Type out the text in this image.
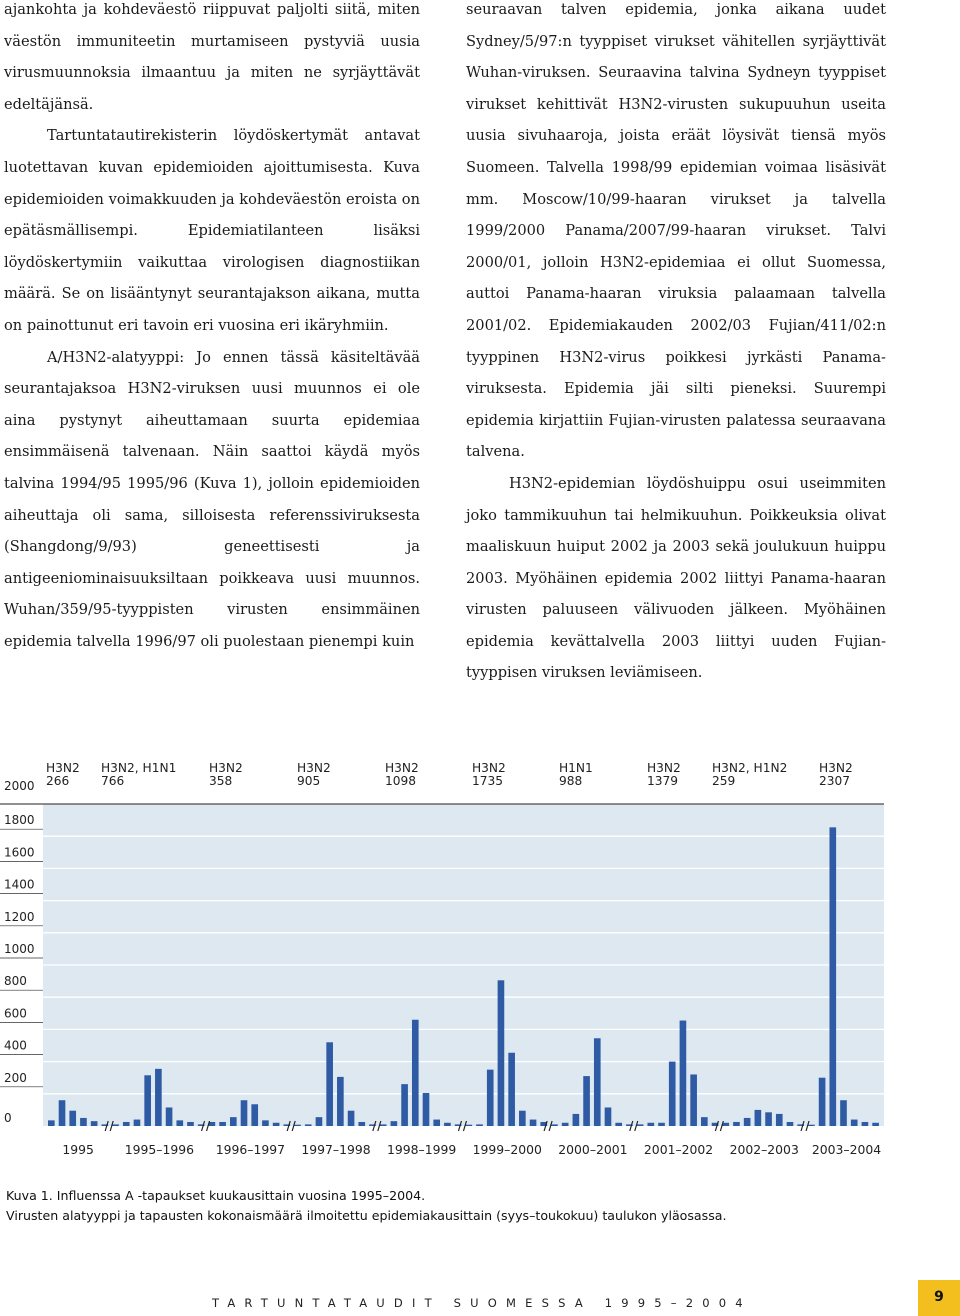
ajankohta ja kohdeväestö riippuvat paljolti siitä, miten väestön immuniteetin murtamiseen pystyviä uusia virusmuunnoksia ilmaantuu ja miten ne syrjäyttävät edeltäjänsä.

Tartuntatautirekisterin löydöskertymät antavat luotettavan kuvan epidemioiden ajoittumisesta. Kuva epidemioiden voimakkuuden ja kohdeväestön eroista on epätäsmällisempi. Epidemiatilanteen lisäksi löydöskertymiin vaikuttaa virologisen diagnostiikan määrä. Se on lisääntynyt seurantajakson aikana, mutta on painottunut eri tavoin eri vuosina eri ikäryhmiin.

A/H3N2-alatyyppi: Jo ennen tässä käsiteltävää seurantajaksoa H3N2-viruksen uusi muunnos ei ole aina pystynyt aiheuttamaan suurta epidemiaa ensimmäisenä talvenaan. Näin saattoi käydä myös talvina 1994/95 1995/96 (Kuva 1), jolloin epidemioiden aiheuttaja oli sama, silloisesta referenssiviruksesta (Shangdong/9/93) geneettisesti ja antigeeniominaisuuksiltaan poikkeava uusi muunnos. Wuhan/359/95-tyyppisten virusten ensimmäinen epidemia talvella 1996/97 oli puolestaan pienempi kuin

seuraavan talven epidemia, jonka aikana uudet Sydney/5/97:n tyyppiset virukset vähitellen syrjäyttivät Wuhan-viruksen. Seuraavina talvina Sydneyn tyyppiset virukset kehittivät H3N2-virusten sukupuuhun useita uusia sivuhaaroja, joista eräät löysivät tiensä myös Suomeen. Talvella 1998/99 epidemian voimaa lisäsivät mm. Moscow/10/99-haaran virukset ja talvella 1999/2000 Panama/2007/99-haaran virukset. Talvi 2000/01, jolloin H3N2-epidemiaa ei ollut Suomessa, auttoi Panama-haaran viruksia palaamaan talvella 2001/02. Epidemiakauden 2002/03 Fujian/411/02:n tyyppinen H3N2-virus poikkesi jyrkästi Panama-viruksesta. Epidemia jäi silti pieneksi. Suurempi epidemia kirjattiin Fujian-virusten palatessa seuraavana talvena.

H3N2-epidemian löydöshuippu osui useimmiten joko tammikuuhun tai helmikuuhun. Poikkeuksia olivat maaliskuun huiput 2002 ja 2003 sekä joulukuun huippu 2003. Myöhäinen epidemia 2002 liittyi Panama-haaran virusten paluuseen välivuoden jälkeen. Myöhäinen epidemia kevättalvella 2003 liittyi uuden Fujian-tyyppisen viruksen leviämiseen.

2000
1800
1600
1400
1200
1000
800
600
400
200
0
H3N2
266
H3N2, H1N1
766
H3N2
358
H3N2
905
H3N2
1098
H3N2
1735
H1N1
988
H3N2
1379
H3N2, H1N2
259
H3N2
2307
1995 1995–1996 1996–1997 1997–1998 1998–1999 1999–2000 2000–2001 2001–2002 2002–2003 2003–2004
Kuva 1. Influenssa A -tapaukset kuukausittain vuosina 1995–2004.
Virusten alatyyppi ja tapausten kokonaismäärä ilmoitettu epidemiakausittain (syys–toukokuu) taulukon yläosassa.
TARTUNTATAUDIT SUOMESSA 1995–2004	9
